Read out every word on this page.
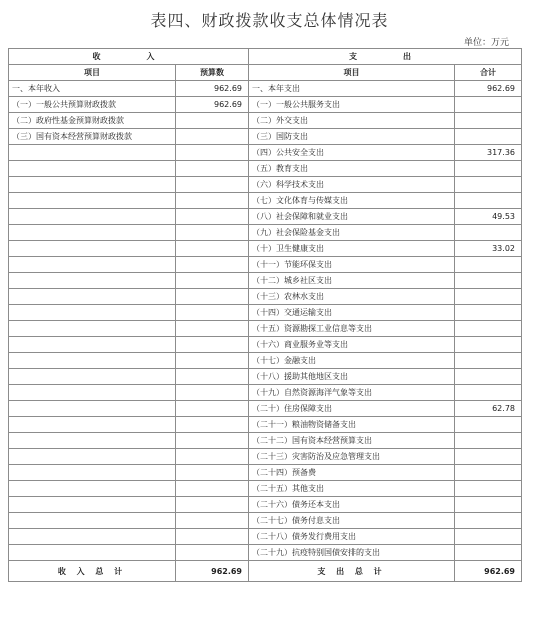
表四、财政拨款收支总体情况表
单位：万元
收　　入		支　　出	
项目	预算数	项目	合计
一、本年收入	962.69	一、本年支出	962.69
（一）一般公共预算财政拨款	962.69	（一）一般公共服务支出	
（二）政府性基金预算财政拨款		（二）外交支出	
（三）国有资本经营预算财政拨款		（三）国防支出	
		（四）公共安全支出	317.36
		（五）教育支出	
		（六）科学技术支出	
		（七）文化体育与传媒支出	
		（八）社会保障和就业支出	49.53
		（九）社会保险基金支出	
		（十）卫生健康支出	33.02
		（十一）节能环保支出	
		（十二）城乡社区支出	
		（十三）农林水支出	
		（十四）交通运输支出	
		（十五）资源勘探工业信息等支出	
		（十六）商业服务业等支出	
		（十七）金融支出	
		（十八）援助其他地区支出	
		（十九）自然资源海洋气象等支出	
		（二十）住房保障支出	62.78
		（二十一）粮油物资储备支出	
		（二十二）国有资本经营预算支出	
		（二十三）灾害防治及应急管理支出	
		（二十四）预备费	
		（二十五）其他支出	
		（二十六）债务还本支出	
		（二十七）债务付息支出	
		（二十八）债务发行费用支出	
		（二十九）抗疫特别国债安排的支出	
收 入 总 计	962.69	支 出 总 计	962.69
